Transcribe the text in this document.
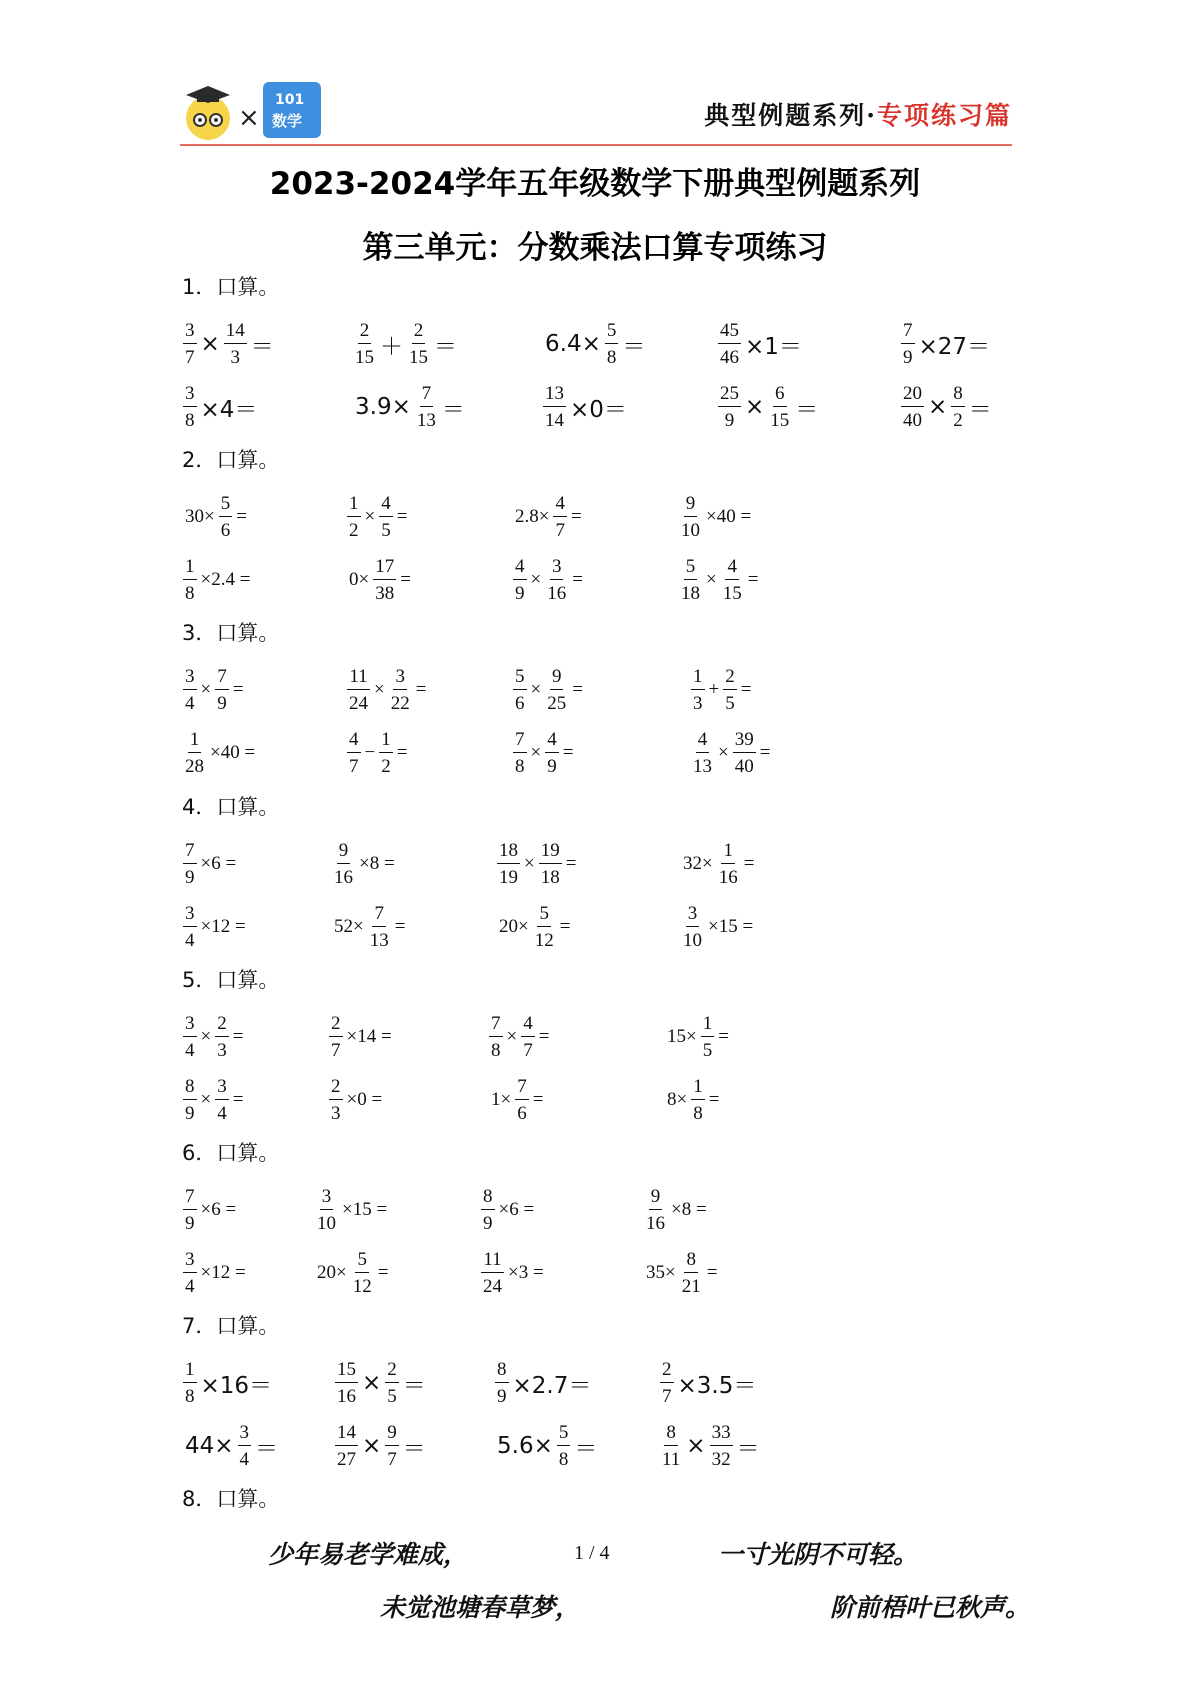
×
101
数学	典型例题系列·专项练习篇
2023-2024学年五年级数学下册典型例题系列
第三单元：分数乘法口算专项练习
1．口算。
$\frac{3}{7} \times \frac{14}{3}$ ＝	$\frac{2}{15} + \frac{2}{15}$ ＝	$6.4\times \frac{5}{8}$ ＝	$\frac{45}{46} \times 1=$	$\frac{7}{9} \times 27=$
$\frac{3}{8} \times 4=$	$3.9\times \frac{7}{13}$ ＝	$\frac{13}{14} \times 0=$	$\frac{25}{9} \times \frac{6}{15}$ ＝	$\frac{20}{40} \times \frac{8}{2}$ ＝
2．口算。
$30\times \frac{5}{6}$ =	$\frac{1}{2} \times \frac{4}{5}$ =	$2.8\times \frac{4}{7}$ =	$\frac{9}{10} \times 40$ =
$\frac{1}{8} \times 2.4$ =	$0\times \frac{17}{38}$ =	$\frac{4}{9} \times \frac{3}{16}$ =	$\frac{5}{18} \times \frac{4}{15}$ =
3．口算。
$\frac{3}{4} \times \frac{7}{9}$ =	$\frac{11}{24} \times \frac{3}{22}$ =	$\frac{5}{6} \times \frac{9}{25}$ =	$\frac{1}{3} + \frac{2}{5}$ =
$\frac{1}{28} \times 40$ =	$\frac{4}{7} - \frac{1}{2}$ =	$\frac{7}{8} \times \frac{4}{9}$ =	$\frac{4}{13} \times \frac{39}{40}$ =
4．口算。
$\frac{7}{9} \times 6$ =	$\frac{9}{16} \times 8$ =	$\frac{18}{19} \times \frac{19}{18}$ =	$32\times \frac{1}{16}$ =
$\frac{3}{4} \times 12$ =	$52\times \frac{7}{13}$ =	$20\times \frac{5}{12}$ =	$\frac{3}{10} \times 15$ =
5．口算。
$\frac{3}{4} \times \frac{2}{3}$ =	$\frac{2}{7} \times 14$ =	$\frac{7}{8} \times \frac{4}{7}$ =	$15\times \frac{1}{5}$ =
$\frac{8}{9} \times \frac{3}{4}$ =	$\frac{2}{3} \times 0$ =	$1\times \frac{7}{6}$ =	$8\times \frac{1}{8}$ =
6．口算。
$\frac{7}{9} \times 6$ =	$\frac{3}{10} \times 15$ =	$\frac{8}{9} \times 6$ =	$\frac{9}{16} \times 8$ =
$\frac{3}{4} \times 12$ =	$20\times \frac{5}{12}$ =	$\frac{11}{24} \times 3$ =	$35\times \frac{8}{21}$ =
7．口算。
$\frac{1}{8} \times 16=$	$\frac{15}{16} \times \frac{2}{5}$ ＝	$\frac{8}{9} \times 2.7=$	$\frac{2}{7} \times 3.5=$
$44\times \frac{3}{4}$ ＝	$\frac{14}{27} \times \frac{9}{7}$ ＝	$5.6\times \frac{5}{8}$ ＝	$\frac{8}{11} \times \frac{33}{32}$ ＝
8．口算。
少年易老学难成，	1 / 4	一寸光阴不可轻。
未觉池塘春草梦，	阶前梧叶已秋声。
